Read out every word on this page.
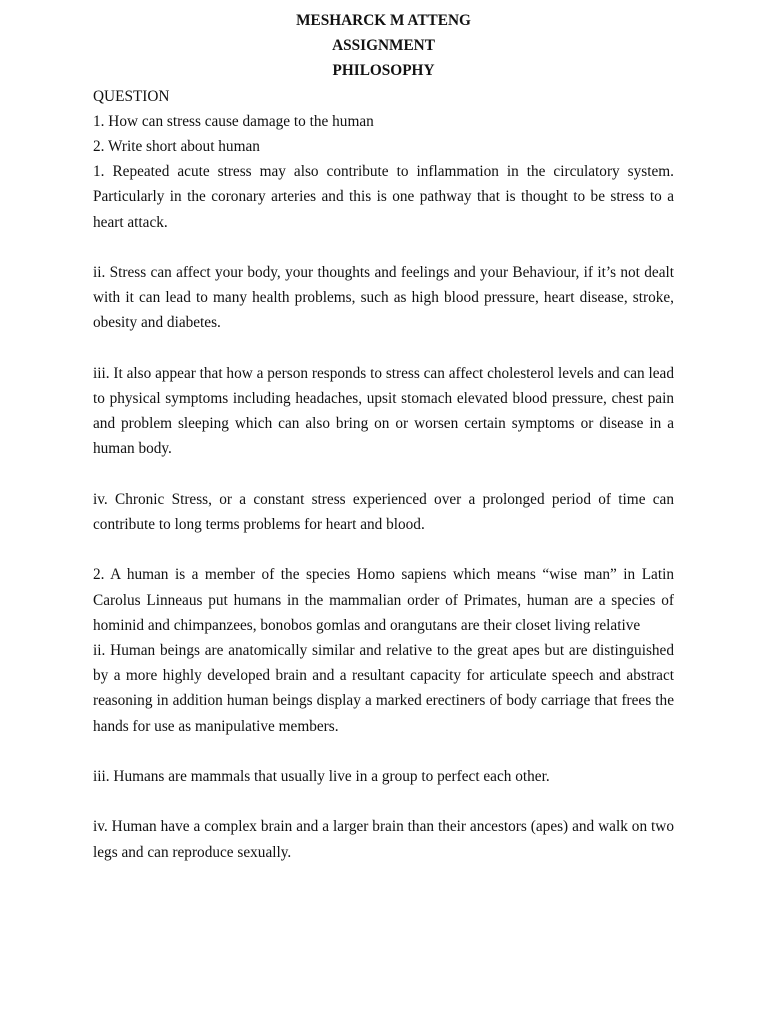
MESHARCK M ATTENG

ASSIGNMENT

PHILOSOPHY

QUESTION

1. How can stress cause damage to the human

2. Write short about human

1. Repeated acute stress may also contribute to inflammation in the circulatory system. Particularly in the coronary arteries and this is one pathway that is thought to be stress to a heart attack.

ii. Stress can affect your body, your thoughts and feelings and your Behaviour, if it’s not dealt with it can lead to many health problems, such as high blood pressure, heart disease, stroke, obesity and diabetes.

iii. It also appear that how a person responds to stress can affect cholesterol levels and can lead to physical symptoms including headaches, upsit stomach elevated blood pressure, chest pain and problem sleeping which can also bring on or worsen certain symptoms or disease in a human body.

iv. Chronic Stress, or a constant stress experienced over a prolonged period of time can contribute to long terms problems for heart and blood.

2. A human is a member of the species Homo sapiens which means “wise man” in Latin Carolus Linneaus put humans in the mammalian order of Primates, human are a species of hominid and chimpanzees, bonobos gomlas and orangutans are their closet living relative

ii. Human beings are anatomically similar and relative to the great apes but are distinguished by a more highly developed brain and a resultant capacity for articulate speech and abstract reasoning in addition human beings display a marked erectiners of body carriage that frees the hands for use as manipulative members.

iii. Humans are mammals that usually live in a group to perfect each other.

iv. Human have a complex brain and a larger brain than their ancestors (apes) and walk on two legs and can reproduce sexually.
